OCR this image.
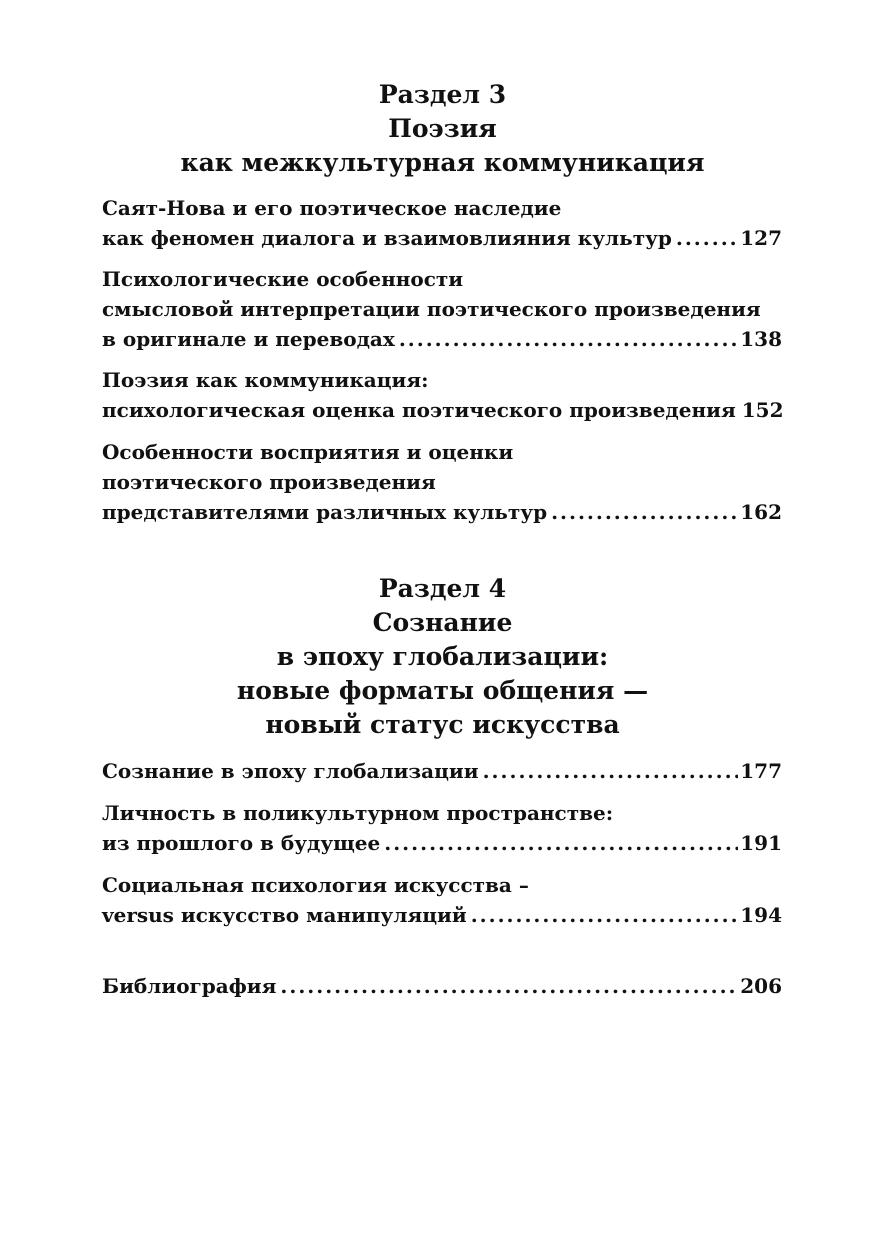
Раздел 3
Поэзия
как межкультурная коммуникация
Саят-Нова и его поэтическое наследие
как феномен диалога и взаимовлияния культур .....	127
Психологические особенности
смысловой интерпретации поэтического произведения
в оригинале и переводах .....	138
Поэзия как коммуникация:
психологическая оценка поэтического произведения 152
Особенности восприятия и оценки
поэтического произведения
представителями различных культур .....	162
Раздел 4
Сознание
в эпоху глобализации:
новые форматы общения —
новый статус искусства
Сознание в эпоху глобализации .....	177
Личность в поликультурном пространстве:
из прошлого в будущее .....	191
Социальная психология искусства –
versus искусство манипуляций .....	194
Библиография .....	206
